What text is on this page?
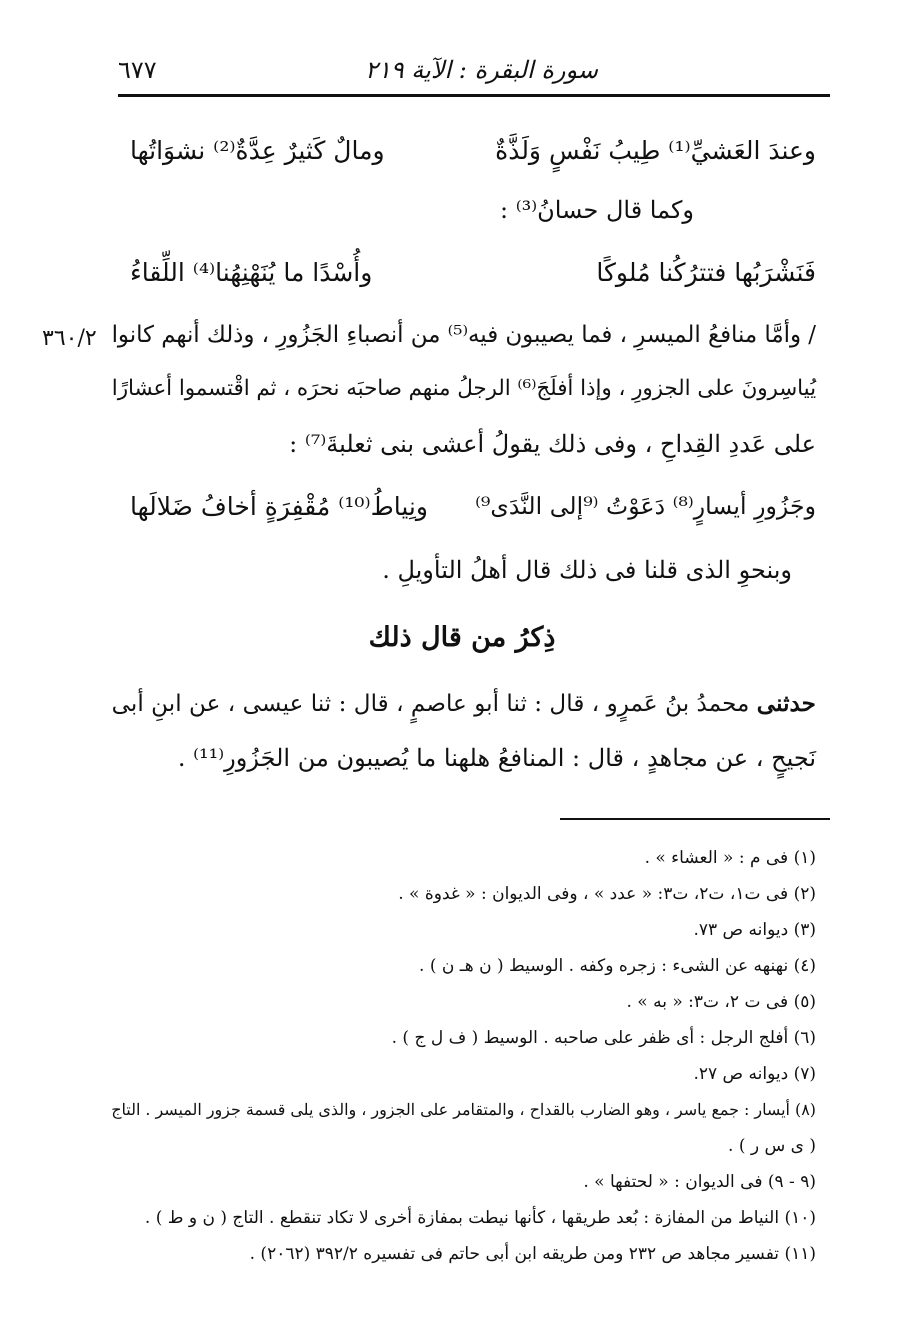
سورة البقرة : الآية ٢١٩
٦٧٧
وعندَ العَشيِّ⁽¹⁾ طِيبُ نَفْسٍ وَلَذَّةٌ
ومالٌ كَثيرٌ عِدَّةٌ⁽²⁾ نشوَاتُها
وكما قال حسانُ⁽³⁾ :
فَنَشْرَبُها فتترُكُنا مُلوكًا
وأُسْدًا ما يُنَهْنِهُنا⁽⁴⁾ اللِّقاءُ
٣٦٠/٢ / وأمَّا منافعُ الميسرِ ، فما يصيبون فيه⁽⁵⁾ من أنصباءِ الجَزُورِ ، وذلك أنهم كانوا
يُياسِرونَ على الجزورِ ، وإذا أفلَجَ⁽⁶⁾ الرجلُ منهم صاحبَه نحرَه ، ثم اقْتسموا أعشارًا
على عَددِ القِداحِ ، وفى ذلك يقولُ أعشى بنى ثعلبةَ⁽⁷⁾ :
وجَزُورِ أيسارٍ⁽⁸⁾ دَعَوْتُ ⁽⁹إلى النَّدَى⁹⁾
ونِياطُ⁽¹⁰⁾ مُقْفِرَةٍ أخافُ ضَلالَها
وبنحوِ الذى قلنا فى ذلك قال أهلُ التأويلِ .
ذِكرُ من قال ذلك
حدثنى محمدُ بنُ عَمرٍو ، قال : ثنا أبو عاصمٍ ، قال : ثنا عيسى ، عن ابنِ أبى
نَجيحٍ ، عن مجاهدٍ ، قال : المنافعُ هلهنا ما يُصيبون من الجَزُورِ⁽¹¹⁾ .
(١) فى م : « العشاء » .
(٢) فى ت١، ت٢، ت٣: « عدد » ، وفى الديوان : « غدوة » .
(٣) ديوانه ص ٧٣.
(٤) نهنهه عن الشىء : زجره وكفه . الوسيط ( ن هـ ن ) .
(٥) فى ت ٢، ت٣: « به » .
(٦) أفلج الرجل : أى ظفر على صاحبه . الوسيط ( ف ل ج ) .
(٧) ديوانه ص ٢٧.
(٨) أيسار : جمع ياسر ، وهو الضارب بالقداح ، والمتقامر على الجزور ، والذى يلى قسمة جزور الميسر . التاج
( ى س ر ) .
(٩ - ٩) فى الديوان : « لحتفها » .
(١٠) النياط من المفازة : بُعد طريقها ، كأنها نيطت بمفازة أخرى لا تكاد تنقطع . التاج ( ن و ط ) .
(١١) تفسير مجاهد ص ٢٣٢ ومن طريقه ابن أبى حاتم فى تفسيره ٣٩٢/٢ (٢٠٦٢) .
